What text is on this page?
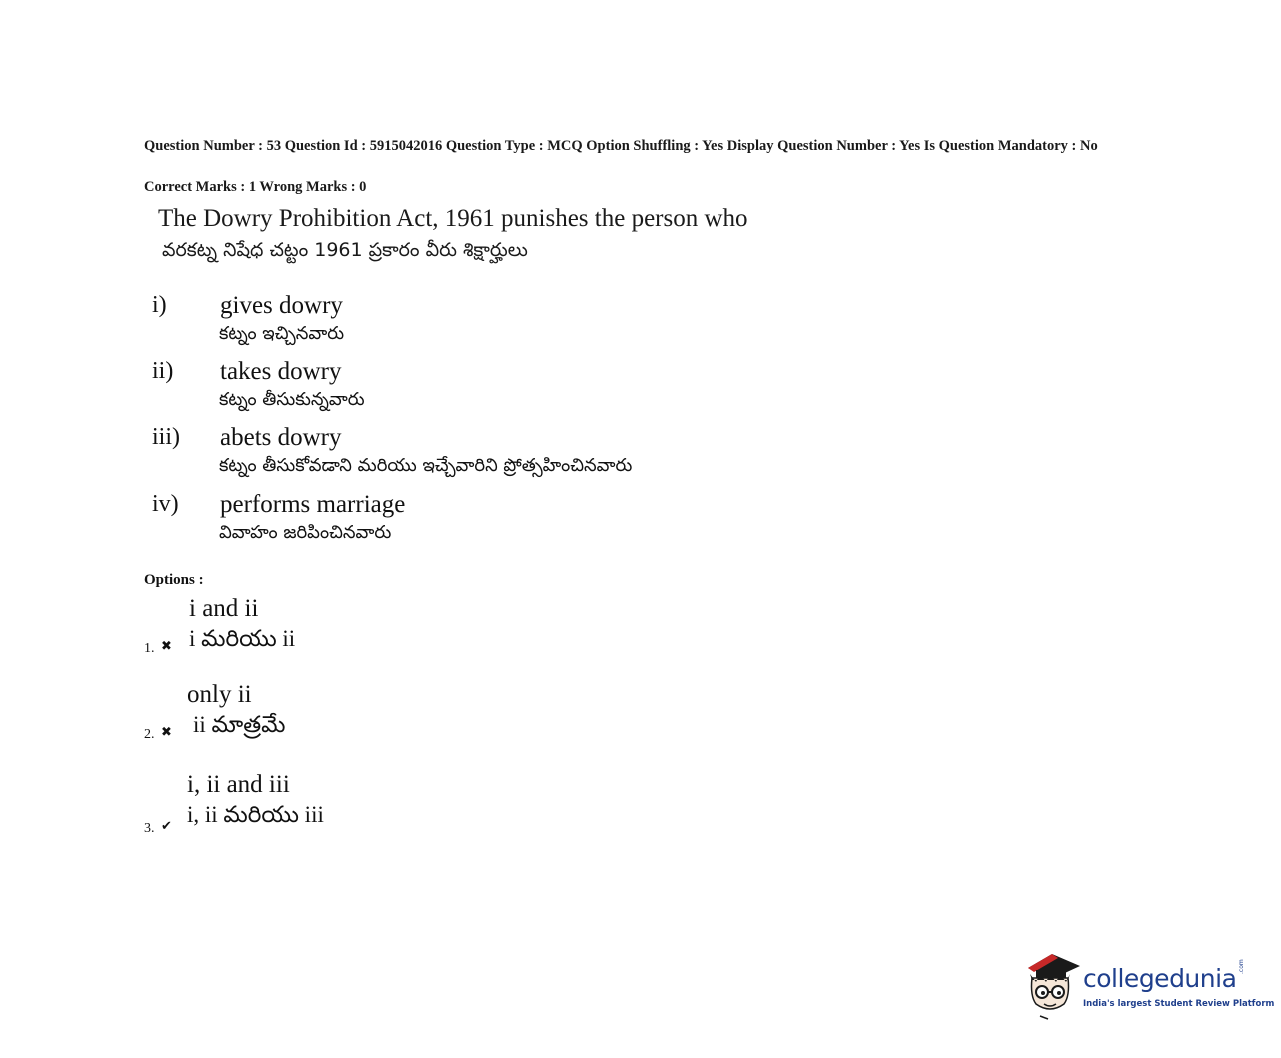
Question Number : 53 Question Id : 5915042016 Question Type : MCQ Option Shuffling : Yes Display Question Number : Yes Is Question Mandatory : No
Correct Marks : 1 Wrong Marks : 0
The Dowry Prohibition Act, 1961 punishes the person who
వరకట్న నిషేధ చట్టం 1961 ప్రకారం వీరు శిక్షార్హులు
i) gives dowry
కట్నం ఇచ్చినవారు
ii) takes dowry
కట్నం తీసుకున్నవారు
iii) abets dowry
కట్నం తీసుకోవడాని మరియు ఇచ్చేవారిని ప్రోత్సహించినవారు
iv) performs marriage
వివాహం జరిపించినవారు
Options :
i and ii
i మరియు ii
1. ✖
only ii
ii మాత్రమే
2. ✖
i, ii and iii
i, ii మరియు iii
3. ✔
collegedunia .com
India's largest Student Review Platform
